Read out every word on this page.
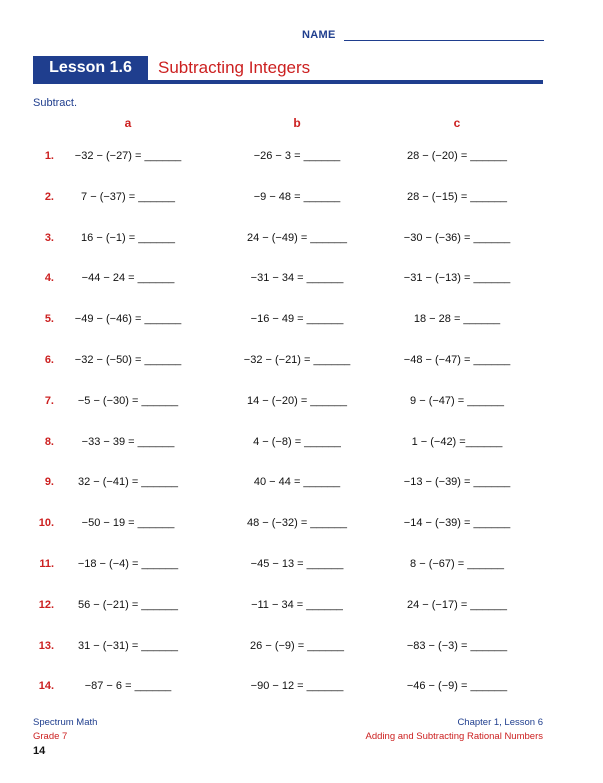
NAME
Lesson 1.6	Subtracting Integers
Subtract.
a	b	c
1. −32 − (−27) = ______	−26 − 3 = ______	28 − (−20) = ______
2. 7 − (−37) = ______	−9 − 48 = ______	28 − (−15) = ______
3. 16 − (−1) = ______	24 − (−49) = ______	−30 − (−36) = ______
4.	−44 − 24 = ______	−31 − 34 = ______	−31 − (−13) = ______
5. −49 − (−46) = ______	−16 − 49 = ______	18 − 28 = ______
6. −32 − (−50) = ______	−32 − (−21) = ______	−48 − (−47) = ______
7. −5 − (−30) = ______	14 − (−20) = ______	9 − (−47) = ______
8.	−33 − 39 = ______	4 − (−8) = ______	1 − (−42) =______
9. 32 − (−41) = ______	40 − 44 = ______	−13 − (−39) = ______
10.	−50 − 19 = ______	48 − (−32) = ______	−14 − (−39) = ______
11. −18 − (−4) = ______	−45 − 13 = ______	8 − (−67) = ______
12. 56 − (−21) = ______	−11 − 34 = ______	24 − (−17) = ______
13. 31 − (−31) = ______	26 − (−9) = ______	−83 − (−3) = ______
14.	−87 − 6 = ______	−90 − 12 = ______	−46 − (−9) = ______
Spectrum Math
Grade 7
Chapter 1, Lesson 6
Adding and Subtracting Rational Numbers
14
